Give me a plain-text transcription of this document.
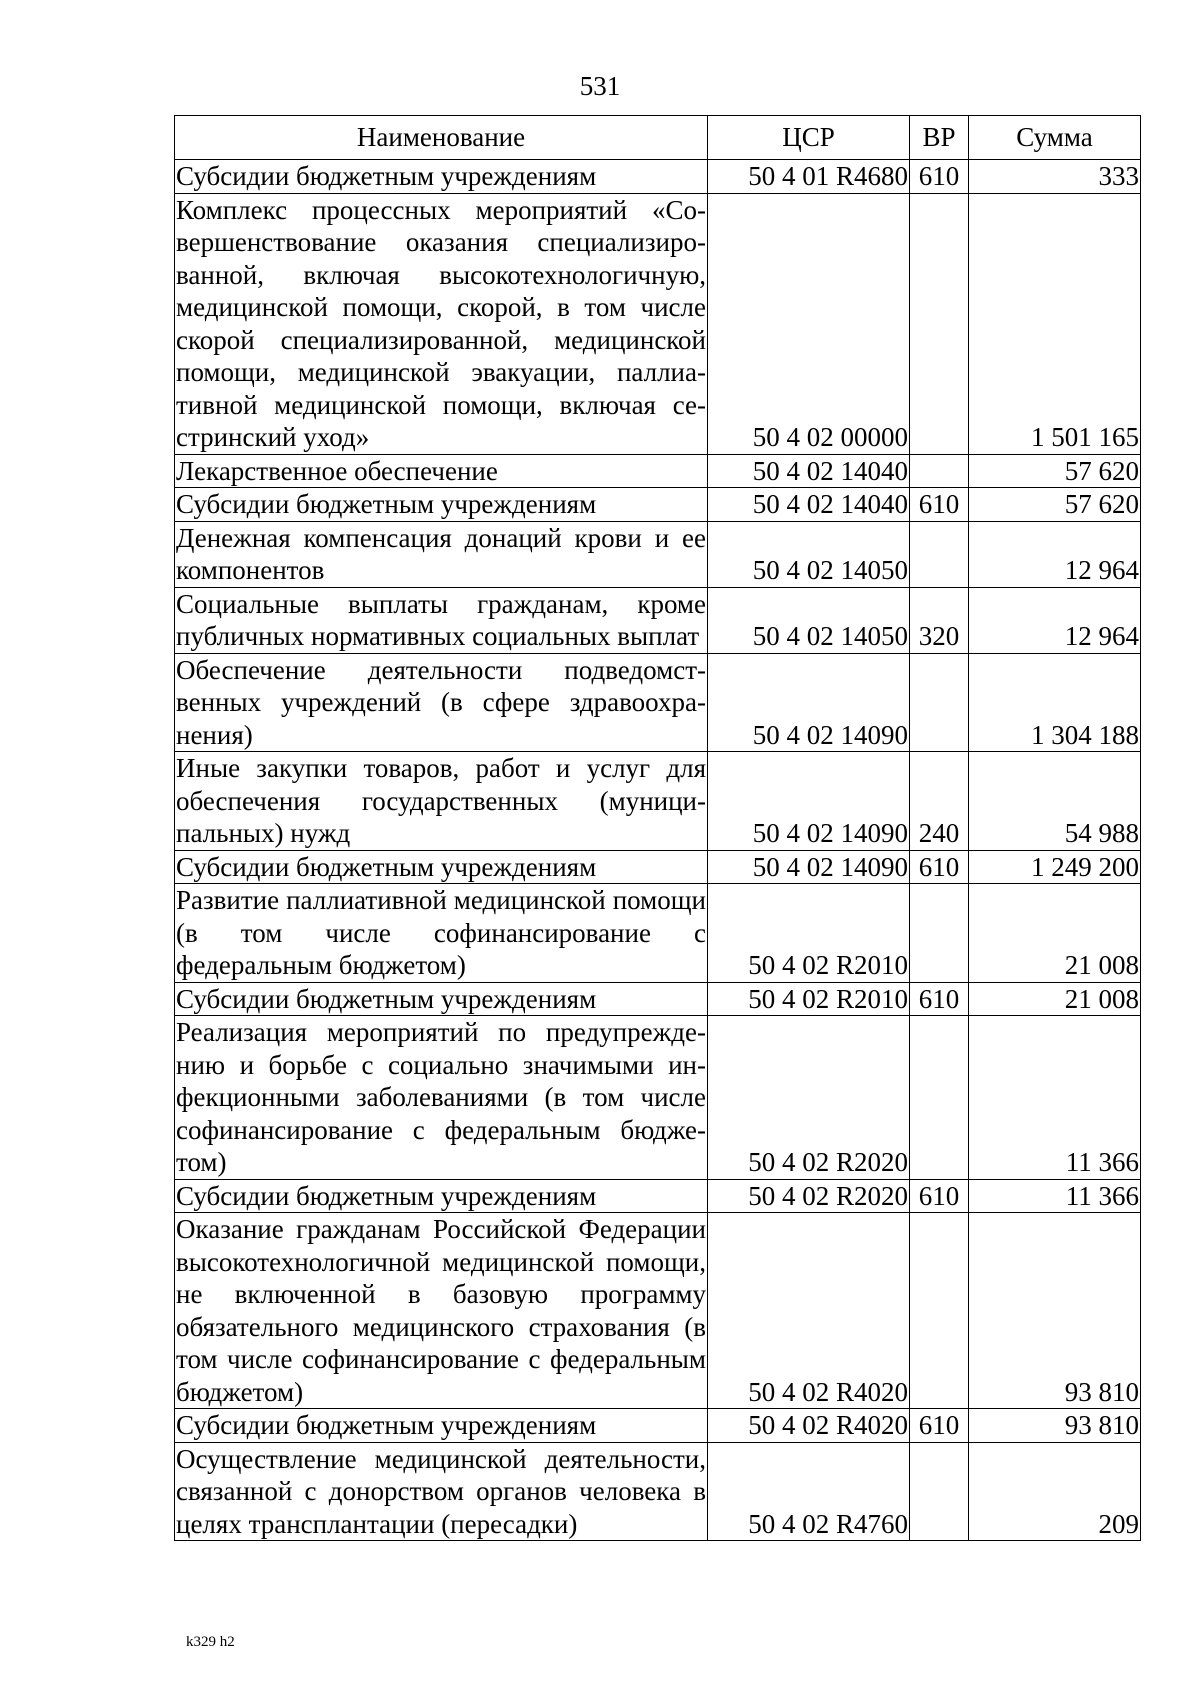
531
Наименование	ЦСР	ВР	Сумма
Субсидии бюджетным учреждениям	50 4 01 R4680	610	333
Комплекс процессных мероприятий «Совершенствование оказания специализированной, включая высокотехнологичную, медицинской помощи, скорой, в том числе скорой специализированной, медицинской помощи, медицинской эвакуации, паллиативной медицинской помощи, включая сестринский уход»	50 4 02 00000		1 501 165
Лекарственное обеспечение	50 4 02 14040		57 620
Субсидии бюджетным учреждениям	50 4 02 14040	610	57 620
Денежная компенсация донаций крови и ее компонентов	50 4 02 14050		12 964
Социальные выплаты гражданам, кроме публичных нормативных социальных выплат	50 4 02 14050	320	12 964
Обеспечение деятельности подведомственных учреждений (в сфере здравоохранения)	50 4 02 14090		1 304 188
Иные закупки товаров, работ и услуг для обеспечения государственных (муниципальных) нужд	50 4 02 14090	240	54 988
Субсидии бюджетным учреждениям	50 4 02 14090	610	1 249 200
Развитие паллиативной медицинской помощи (в том числе софинансирование с федеральным бюджетом)	50 4 02 R2010		21 008
Субсидии бюджетным учреждениям	50 4 02 R2010	610	21 008
Реализация мероприятий по предупреждению и борьбе с социально значимыми инфекционными заболеваниями (в том числе софинансирование с федеральным бюджетом)	50 4 02 R2020		11 366
Субсидии бюджетным учреждениям	50 4 02 R2020	610	11 366
Оказание гражданам Российской Федерации высокотехнологичной медицинской помощи, не включенной в базовую программу обязательного медицинского страхования (в том числе софинансирование с федеральным бюджетом)	50 4 02 R4020		93 810
Субсидии бюджетным учреждениям	50 4 02 R4020	610	93 810
Осуществление медицинской деятельности, связанной с донорством органов человека в целях трансплантации (пересадки)	50 4 02 R4760		209
k329 h2
